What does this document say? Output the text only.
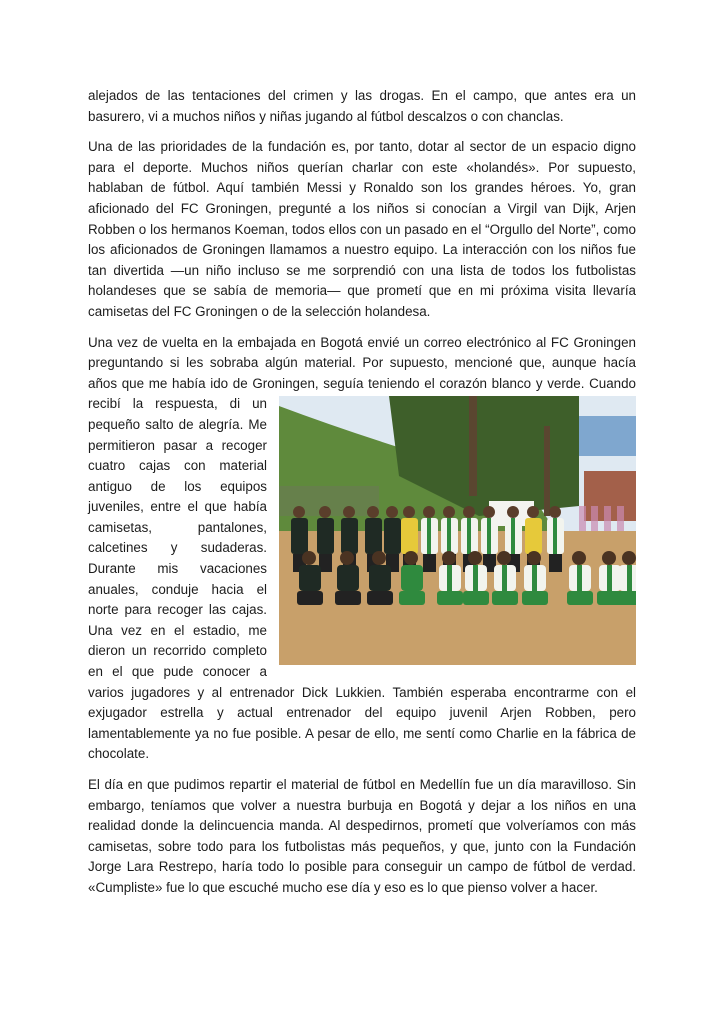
alejados de las tentaciones del crimen y las drogas. En el campo, que antes era un basurero, vi a muchos niños y niñas jugando al fútbol descalzos o con chanclas.

Una de las prioridades de la fundación es, por tanto, dotar al sector de un espacio digno para el deporte. Muchos niños querían charlar con este «holandés». Por supuesto, hablaban de fútbol. Aquí también Messi y Ronaldo son los grandes héroes. Yo, gran aficionado del FC Groningen, pregunté a los niños si conocían a Virgil van Dijk, Arjen Robben o los hermanos Koeman, todos ellos con un pasado en el “Orgullo del Norte”, como los aficionados de Groningen llamamos a nuestro equipo. La interacción con los niños fue tan divertida —un niño incluso se me sorprendió con una lista de todos los futbolistas holandeses que se sabía de memoria— que prometí que en mi próxima visita llevaría camisetas del FC Groningen o de la selección holandesa.

Una vez de vuelta en la embajada en Bogotá envié un correo electrónico al FC Groningen preguntando si les sobraba algún material. Por supuesto, mencioné que, aunque hacía años que me había ido de Groningen, seguía teniendo el corazón blanco y verde. Cuando
recibí la respuesta, di un pequeño salto de alegría. Me permitieron pasar a recoger cuatro cajas con material antiguo de los equipos juveniles, entre el que había camisetas, pantalones, calcetines y sudaderas. Durante mis vacaciones anuales, conduje hacia el norte para recoger las cajas. Una vez en el estadio, me dieron un recorrido completo en el que pude conocer a varios jugadores y al entrenador Dick Lukkien. También esperaba encontrarme con el exjugador estrella y actual entrenador del equipo juvenil Arjen Robben, pero lamentablemente ya no fue posible. A pesar de ello, me sentí como Charlie en la fábrica de chocolate.

El día en que pudimos repartir el material de fútbol en Medellín fue un día maravilloso. Sin embargo, teníamos que volver a nuestra burbuja en Bogotá y dejar a los niños en una realidad donde la delincuencia manda. Al despedirnos, prometí que volveríamos con más camisetas, sobre todo para los futbolistas más pequeños, y que, junto con la Fundación Jorge Lara Restrepo, haría todo lo posible para conseguir un campo de fútbol de verdad. «Cumpliste» fue lo que escuché mucho ese día y eso es lo que pienso volver a hacer.
